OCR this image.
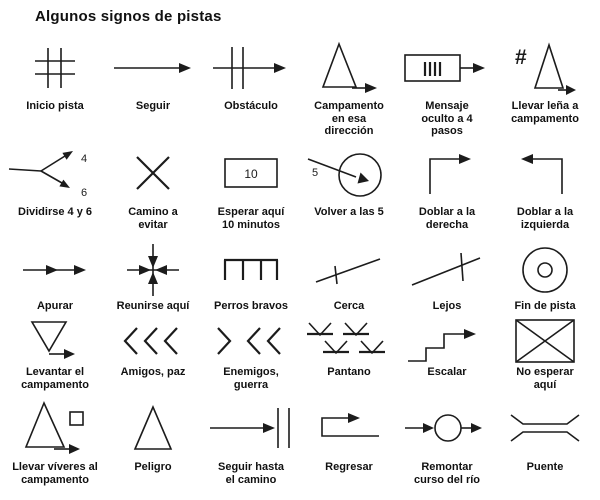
Algunos signos de pistas
Inicio pista	Seguir	Obstáculo	Campamento en esa dirección
Mensaje oculto a 4 pasos
#
Llevar leña a campamento
4
6
Dividirse 4 y 6	Camino a evitar
10
Esperar aquí 10 minutos
5
Volver a las 5	Doblar a la derecha
Doblar a la izquierda
Apurar	Reunirse aquí Perros bravos	Cerca	Lejos	Fin de pista
Levantar el campamento
Amigos, paz	Enemigos, guerra
Pantano	Escalar	No esperar aquí
Llevar víveres al campamento
Peligro	Seguir hasta el camino
Regresar	Remontar curso del río
Puente
